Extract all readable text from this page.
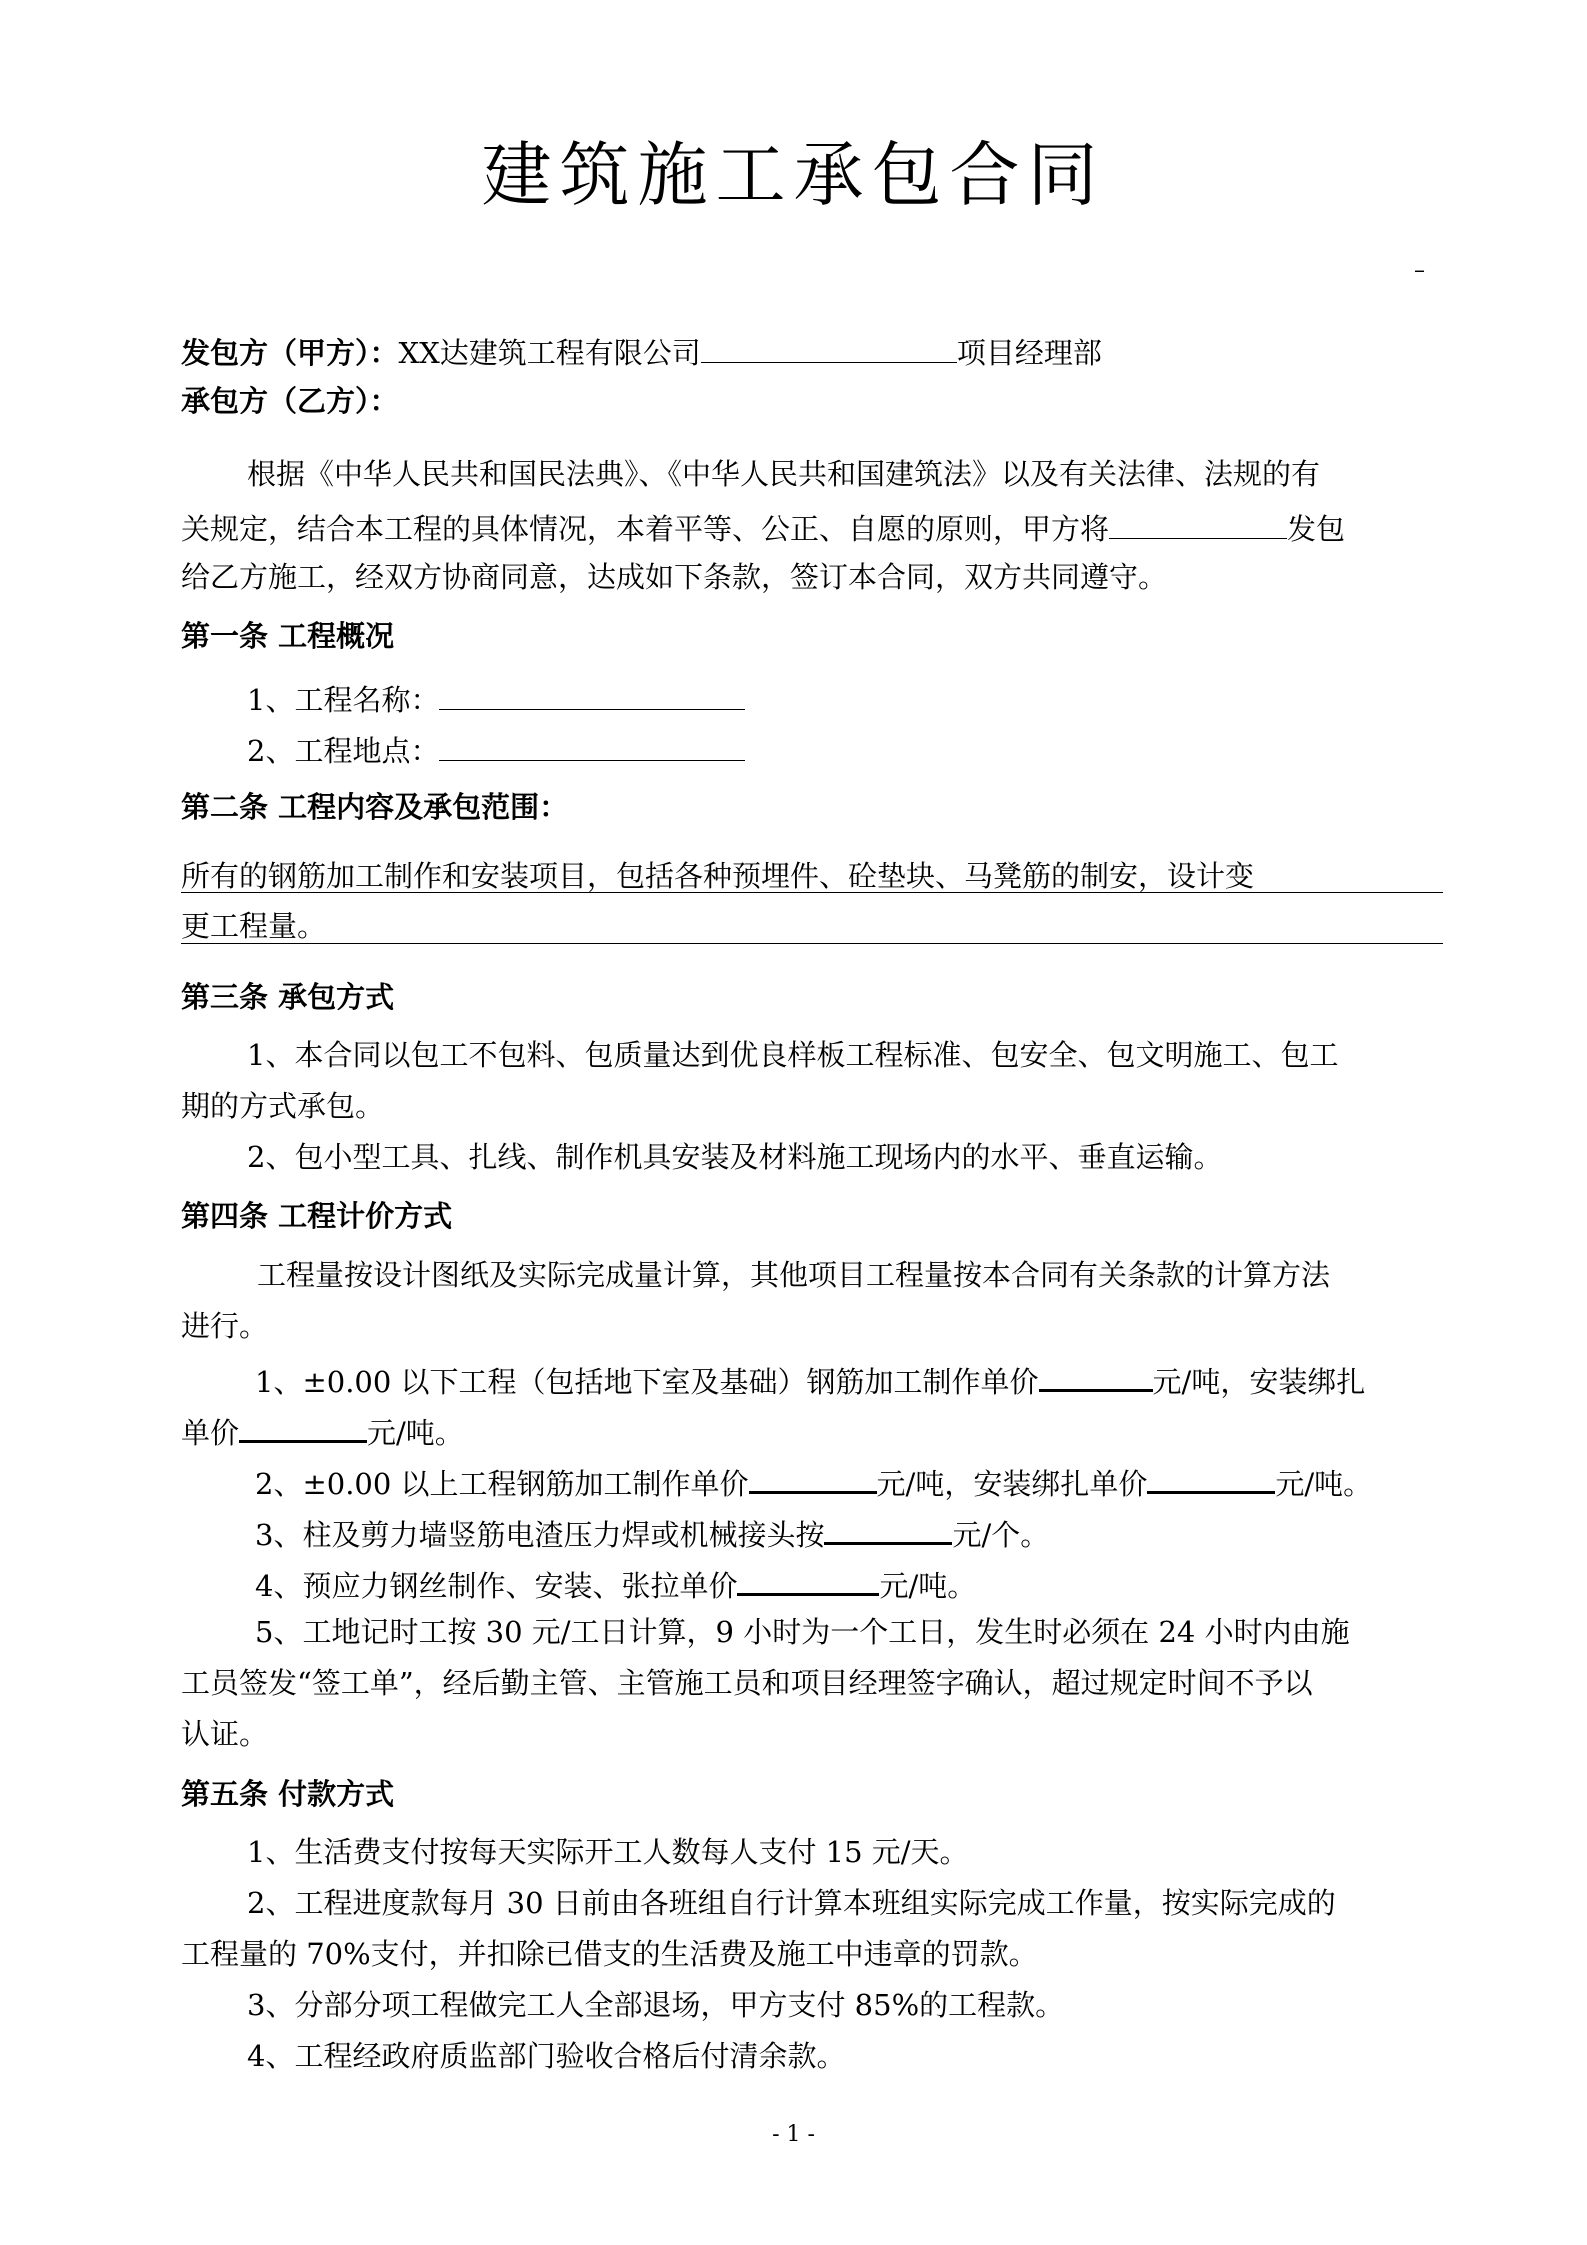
建筑施工承包合同
–
发包方（甲方）：XX达建筑工程有限公司	项目经理部
承包方（乙方）：
根据《中华人民共和国民法典》、《中华人民共和国建筑法》以及有关法律、法规的有
关规定，结合本工程的具体情况，本着平等、公正、自愿的原则，甲方将	发包
给乙方施工，经双方协商同意，达成如下条款，签订本合同，双方共同遵守。
第一条 工程概况
1、工程名称：
2、工程地点：
第二条 工程内容及承包范围：
所有的钢筋加工制作和安装项目，包括各种预埋件、砼垫块、马凳筋的制安，设计变
更工程量。
第三条 承包方式
1、本合同以包工不包料、包质量达到优良样板工程标准、包安全、包文明施工、包工
期的方式承包。
2、包小型工具、扎线、制作机具安装及材料施工现场内的水平、垂直运输。
第四条 工程计价方式
工程量按设计图纸及实际完成量计算，其他项目工程量按本合同有关条款的计算方法
进行。
1、±0.00 以下工程（包括地下室及基础）钢筋加工制作单价	元/吨，安装绑扎
单价	元/吨。
2、±0.00 以上工程钢筋加工制作单价	元/吨，安装绑扎单价	元/吨。
3、柱及剪力墙竖筋电渣压力焊或机械接头按	元/个。
4、预应力钢丝制作、安装、张拉单价	元/吨。
5、工地记时工按 30 元/工日计算，9 小时为一个工日，发生时必须在 24 小时内由施
工员签发“签工单”，经后勤主管、主管施工员和项目经理签字确认，超过规定时间不予以
认证。
第五条 付款方式
1、生活费支付按每天实际开工人数每人支付 15 元/天。
2、工程进度款每月 30 日前由各班组自行计算本班组实际完成工作量，按实际完成的
工程量的 70%支付，并扣除已借支的生活费及施工中违章的罚款。
3、分部分项工程做完工人全部退场，甲方支付 85%的工程款。
4、工程经政府质监部门验收合格后付清余款。
- 1 -
